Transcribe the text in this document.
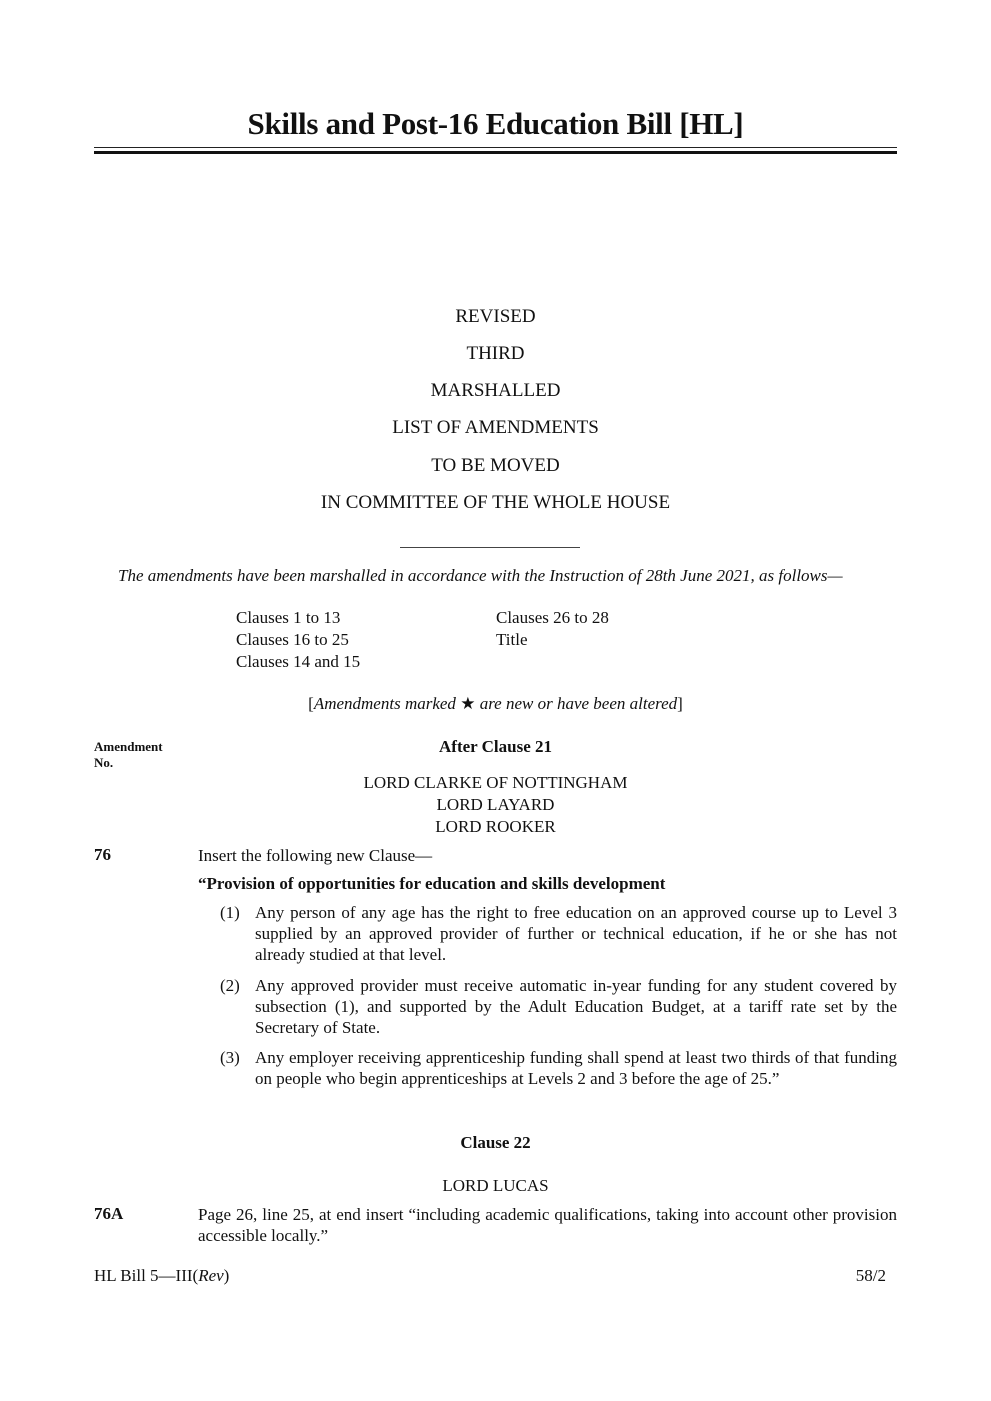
Skills and Post-16 Education Bill [HL]
REVISED
THIRD
MARSHALLED
LIST OF AMENDMENTS
TO BE MOVED
IN COMMITTEE OF THE WHOLE HOUSE
The amendments have been marshalled in accordance with the Instruction of 28th June 2021, as follows—
Clauses 1 to 13
Clauses 16 to 25
Clauses 14 and 15
Clauses 26 to 28
Title
[Amendments marked ★ are new or have been altered]
Amendment
No.
After Clause 21
LORD CLARKE OF NOTTINGHAM
LORD LAYARD
LORD ROOKER
76	Insert the following new Clause—
“Provision of opportunities for education and skills development
(1) Any person of any age has the right to free education on an approved course up to Level 3 supplied by an approved provider of further or technical education, if he or she has not already studied at that level.
(2) Any approved provider must receive automatic in-year funding for any student covered by subsection (1), and supported by the Adult Education Budget, at a tariff rate set by the Secretary of State.
(3) Any employer receiving apprenticeship funding shall spend at least two thirds of that funding on people who begin apprenticeships at Levels 2 and 3 before the age of 25.”
Clause 22
LORD LUCAS
76A	Page 26, line 25, at end insert “including academic qualifications, taking into account other provision accessible locally.”
HL Bill 5—III(Rev)	58/2
